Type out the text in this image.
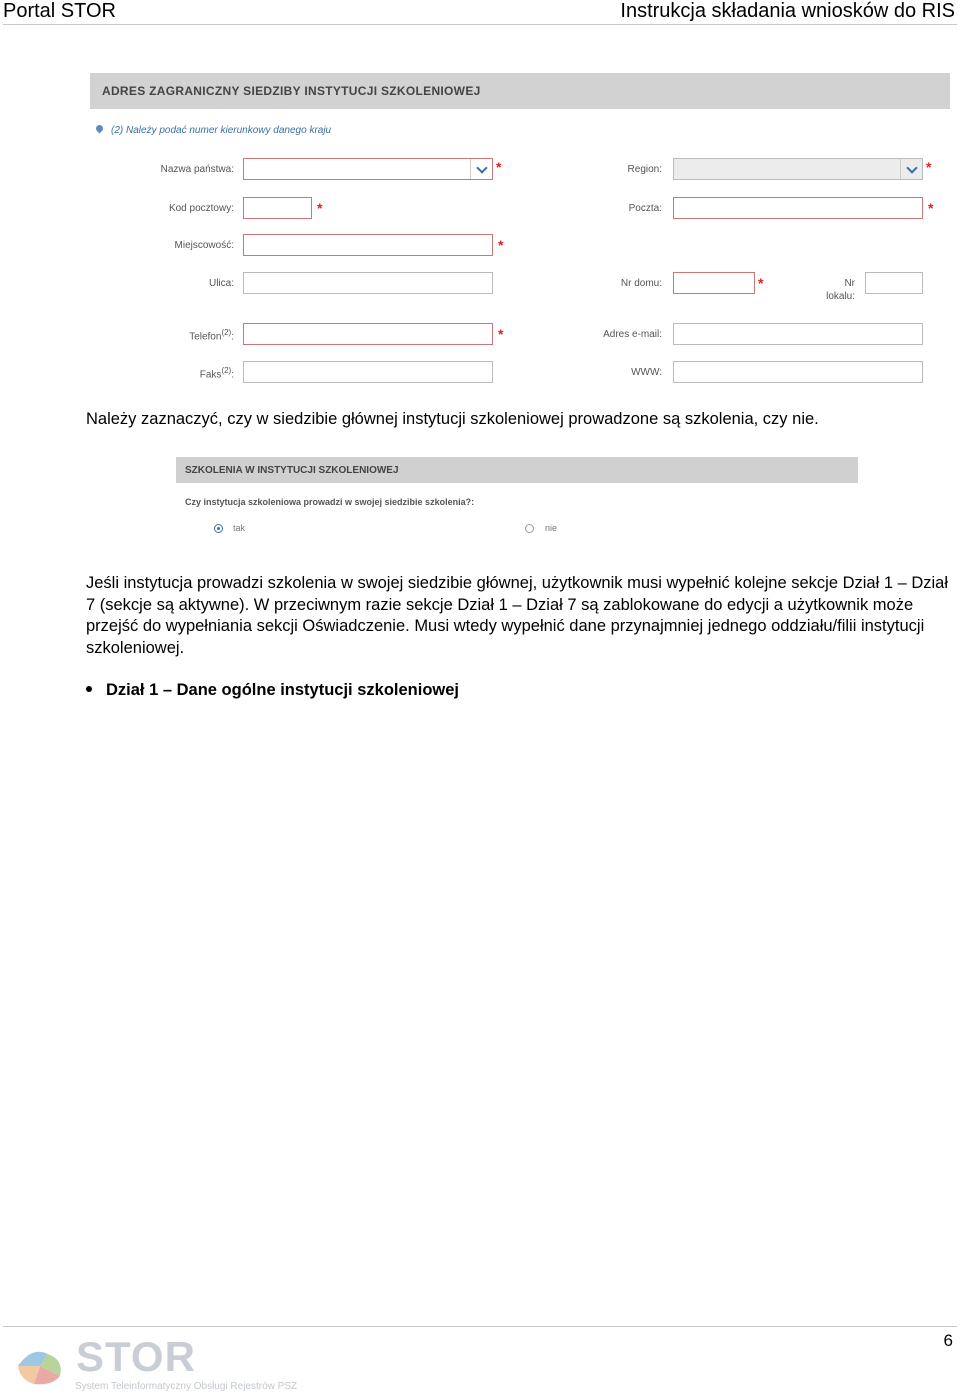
Portal STOR	Instrukcja składania wniosków do RIS
ADRES ZAGRANICZNY SIEDZIBY INSTYTUCJI SZKOLENIOWEJ
(2) Należy podać numer kierunkowy danego kraju
Nazwa państwa:	*	Region:	*
Kod pocztowy:	*	Poczta:	*
Miejscowość:	*
Ulica:	Nr domu:	*	Nr
lokalu:
Telefon$^{(2)}$:	*	Adres e-mail:
Faks$^{(2)}$:	WWW:
Należy zaznaczyć, czy w siedzibie głównej instytucji szkoleniowej prowadzone są szkolenia, czy nie.
SZKOLENIA W INSTYTUCJI SZKOLENIOWEJ
Czy instytucja szkoleniowa prowadzi w swojej siedzibie szkolenia?:
tak	nie
Jeśli instytucja prowadzi szkolenia w swojej siedzibie głównej, użytkownik musi wypełnić kolejne sekcje Dział 1 – Dział 7 (sekcje są aktywne). W przeciwnym razie sekcje Dział 1 – Dział 7 są zablokowane do edycji a użytkownik może przejść do wypełniania sekcji Oświadczenie. Musi wtedy wypełnić dane przynajmniej jednego oddziału/filii instytucji szkoleniowej.
Dział 1 – Dane ogólne instytucji szkoleniowej
STOR
System Teleinformatyczny Obsługi Rejestrów PSZ
6
